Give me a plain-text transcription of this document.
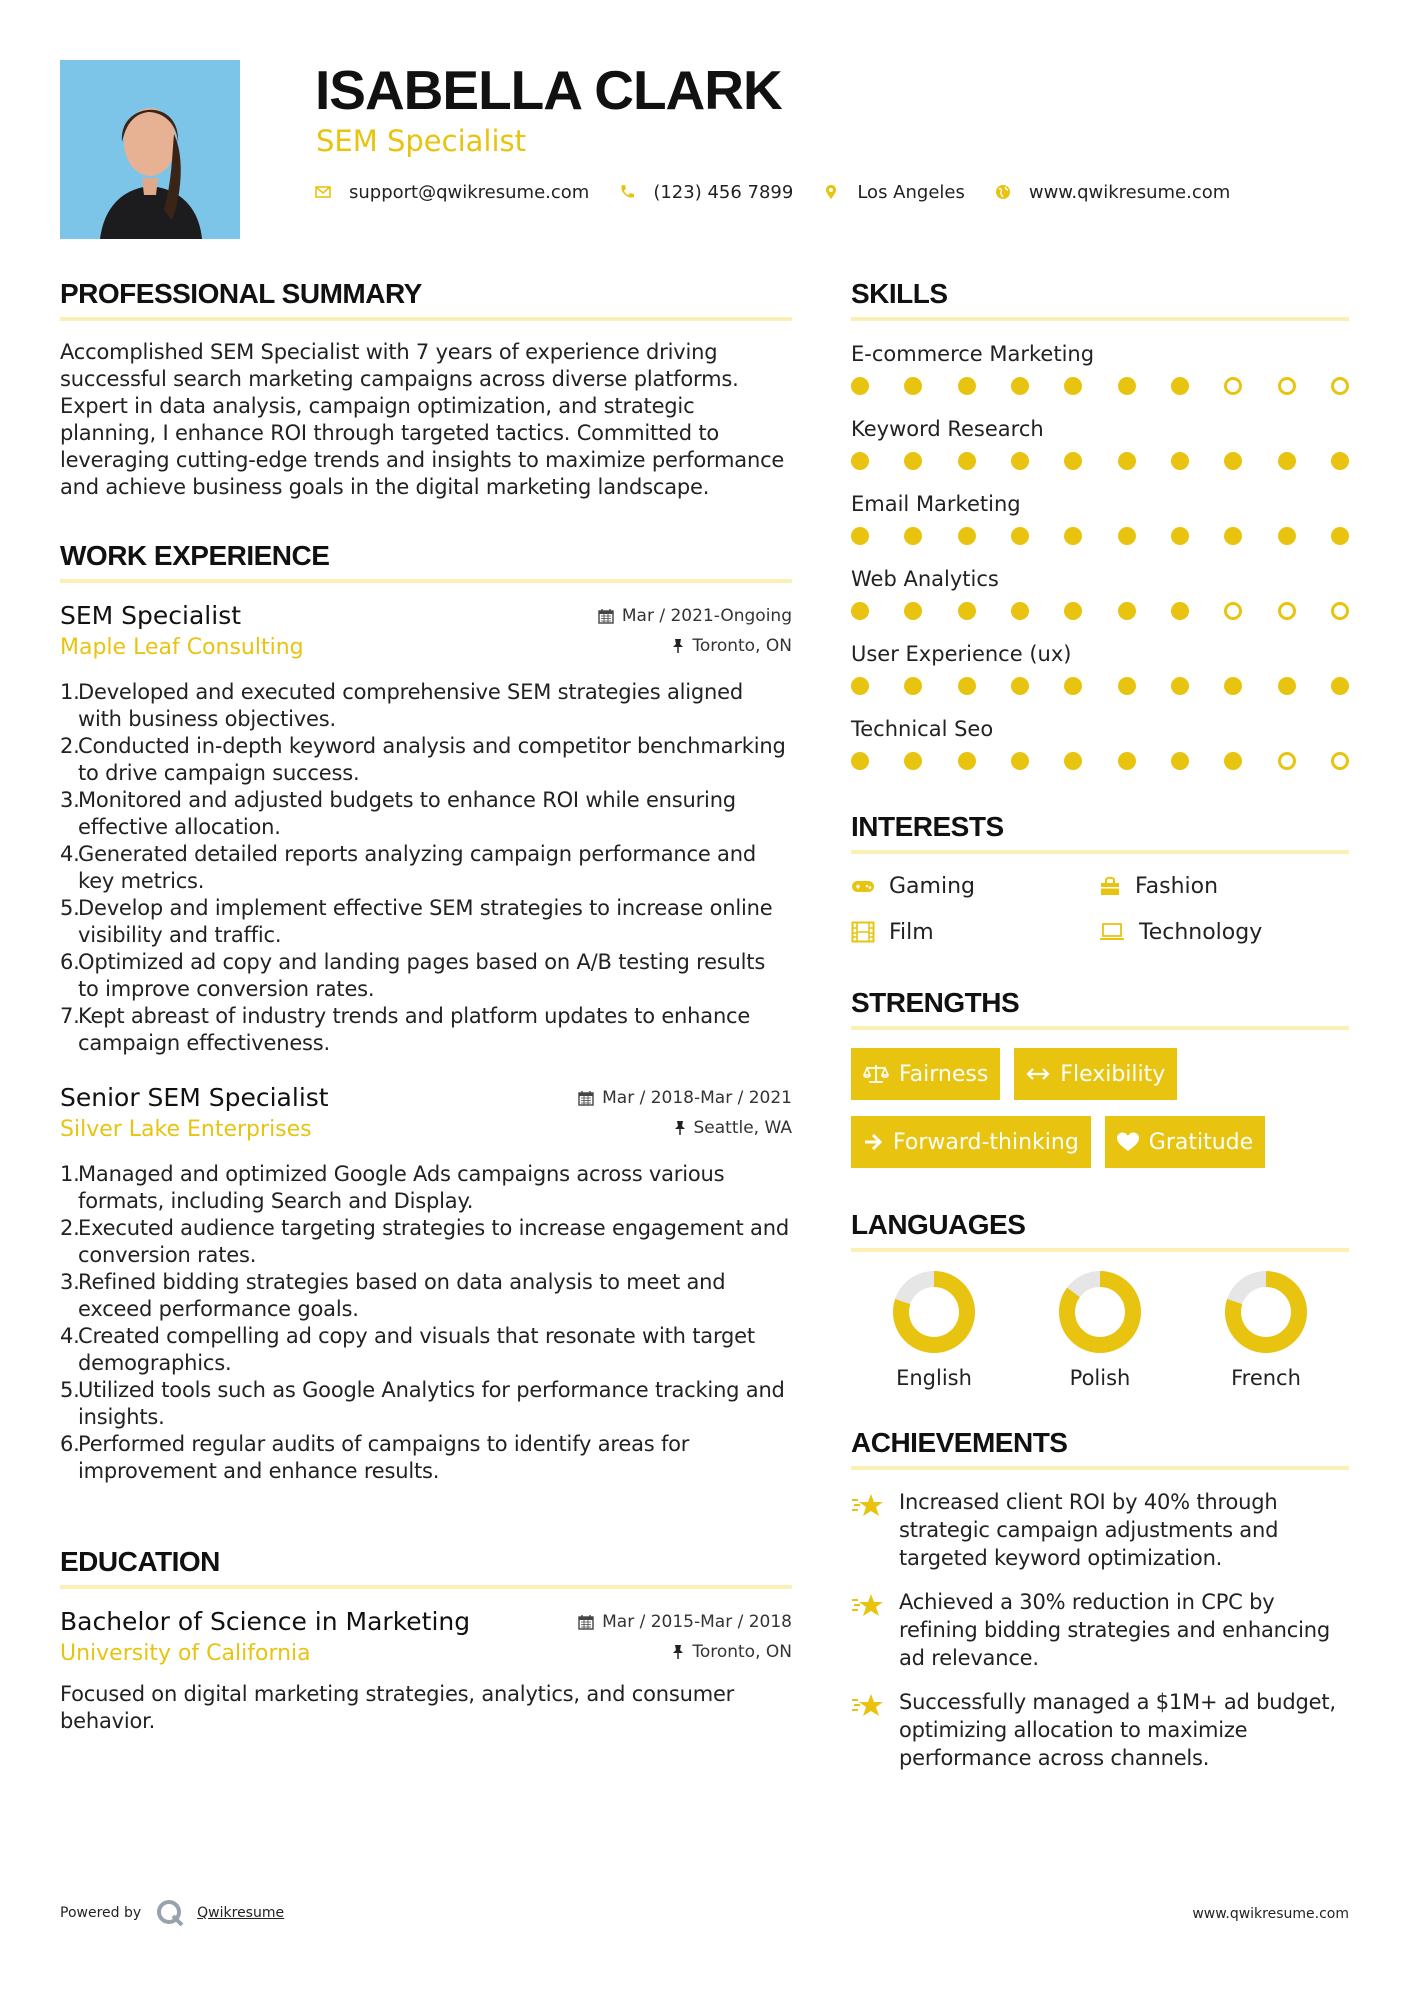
ISABELLA CLARK
SEM Specialist
support@qwikresume.com	(123) 456 7899	Los Angeles	www.qwikresume.com
PROFESSIONAL SUMMARY
Accomplished SEM Specialist with 7 years of experience driving successful search marketing campaigns across diverse platforms. Expert in data analysis, campaign optimization, and strategic planning, I enhance ROI through targeted tactics. Committed to leveraging cutting-edge trends and insights to maximize performance and achieve business goals in the digital marketing landscape.
WORK EXPERIENCE
SEM Specialist	Mar / 2021-Ongoing
Maple Leaf Consulting	Toronto, ON
1.
Developed and executed comprehensive SEM strategies aligned with business objectives.
2.
Conducted in-depth keyword analysis and competitor benchmarking to drive campaign success.
3.
Monitored and adjusted budgets to enhance ROI while ensuring effective allocation.
4.
Generated detailed reports analyzing campaign performance and key metrics.
5.
Develop and implement effective SEM strategies to increase online visibility and traffic.
6.
Optimized ad copy and landing pages based on A/B testing results to improve conversion rates.
7.
Kept abreast of industry trends and platform updates to enhance campaign effectiveness.
Senior SEM Specialist	Mar / 2018-Mar / 2021
Silver Lake Enterprises	Seattle, WA
1.
Managed and optimized Google Ads campaigns across various formats, including Search and Display.
2.
Executed audience targeting strategies to increase engagement and conversion rates.
3.
Refined bidding strategies based on data analysis to meet and exceed performance goals.
4.
Created compelling ad copy and visuals that resonate with target demographics.
5.
Utilized tools such as Google Analytics for performance tracking and insights.
6.
Performed regular audits of campaigns to identify areas for improvement and enhance results.
EDUCATION
Bachelor of Science in Marketing	Mar / 2015-Mar / 2018
University of California	Toronto, ON
Focused on digital marketing strategies, analytics, and consumer behavior.
SKILLS
E-commerce Marketing
Keyword Research
Email Marketing
Web Analytics
User Experience (ux)
Technical Seo
INTERESTS
Gaming	Fashion
Film	Technology
STRENGTHS
Fairness	Flexibility
Forward-thinking	Gratitude
LANGUAGES
English	Polish	French
ACHIEVEMENTS
Increased client ROI by 40% through strategic campaign adjustments and targeted keyword optimization.
Achieved a 30% reduction in CPC by refining bidding strategies and enhancing ad relevance.
Successfully managed a $1M+ ad budget, optimizing allocation to maximize performance across channels.
Powered by	Qwikresume	www.qwikresume.com
